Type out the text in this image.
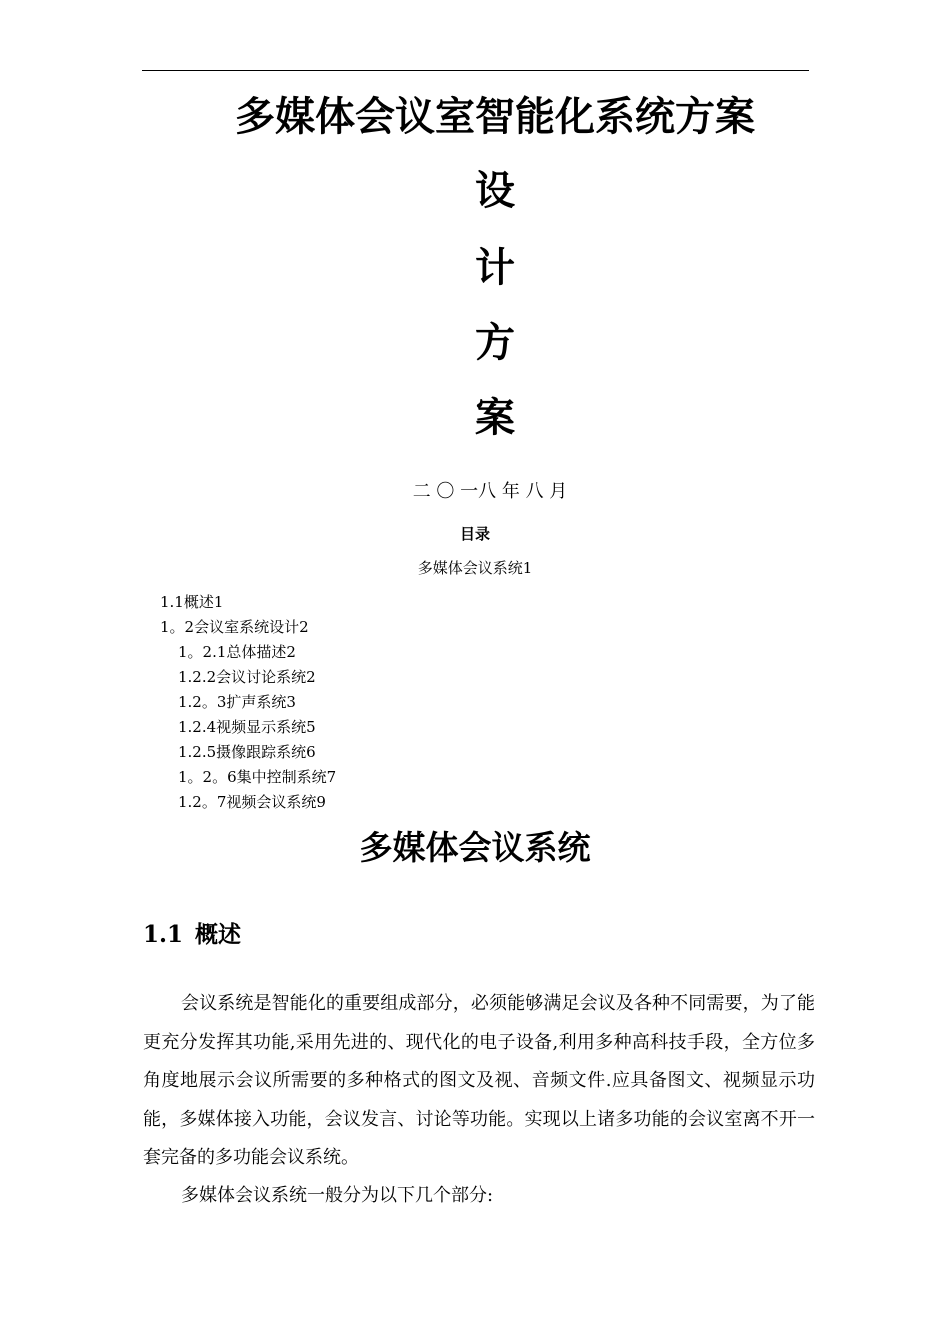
多媒体会议室智能化系统方案
设
计
方
案
二 〇 一八 年 八 月
目录
多媒体会议系统1
1.1概述1
1。2会议室系统设计2
1。2.1总体描述2
1.2.2会议讨论系统2
1.2。3扩声系统3
1.2.4视频显示系统5
1.2.5摄像跟踪系统6
1。2。6集中控制系统7
1.2。7视频会议系统9
多媒体会议系统
1.1 概述

会议系统是智能化的重要组成部分，必须能够满足会议及各种不同需要，为了能更充分发挥其功能,采用先进的、现代化的电子设备,利用多种高科技手段，全方位多角度地展示会议所需要的多种格式的图文及视、音频文件.应具备图文、视频显示功能，多媒体接入功能，会议发言、讨论等功能。实现以上诸多功能的会议室离不开一套完备的多功能会议系统。

多媒体会议系统一般分为以下几个部分:
